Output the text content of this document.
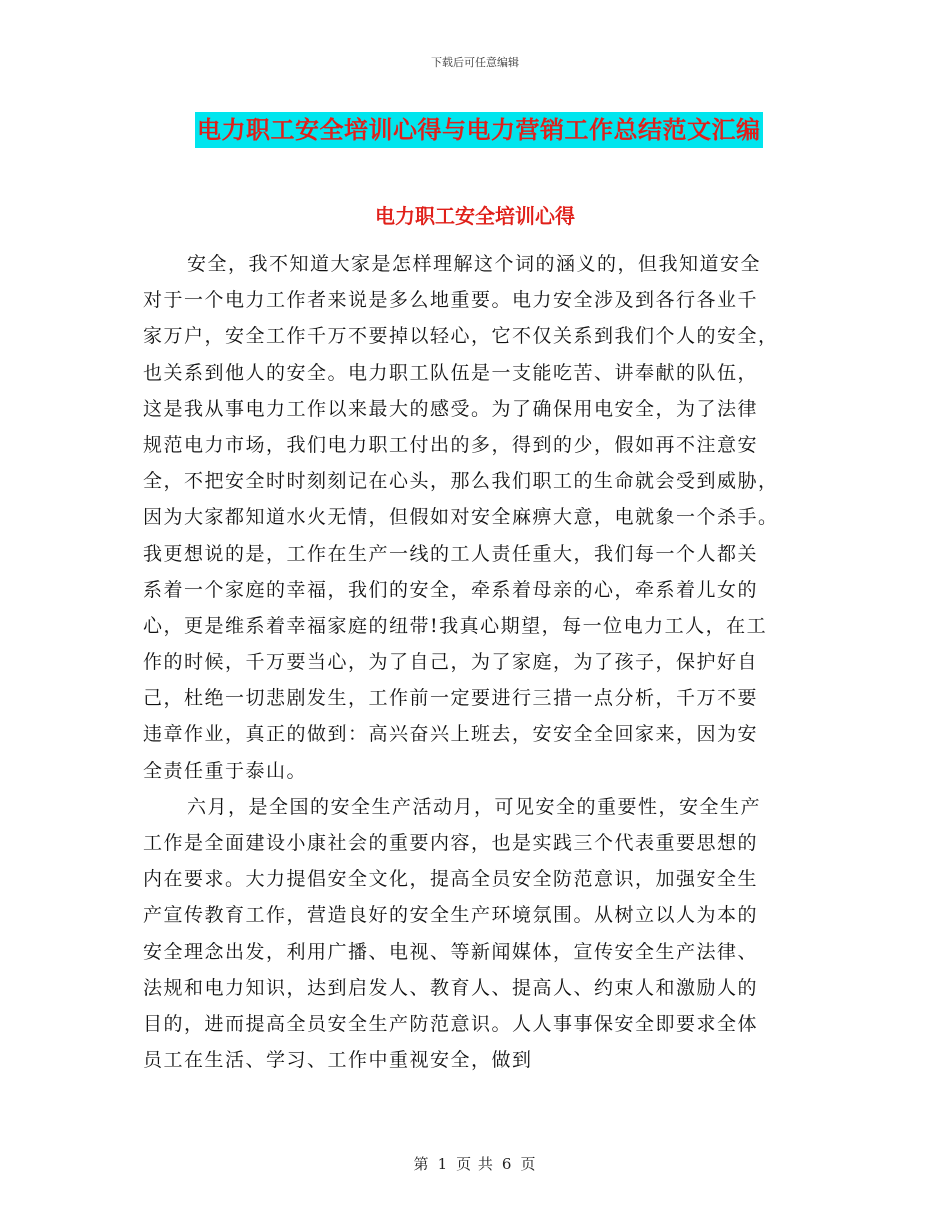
下载后可任意编辑
电力职工安全培训心得与电力营销工作总结范文汇编
电力职工安全培训心得
安全，我不知道大家是怎样理解这个词的涵义的，但我知道安全
对于一个电力工作者来说是多么地重要。电力安全涉及到各行各业千
家万户，安全工作千万不要掉以轻心，它不仅关系到我们个人的安全，
也关系到他人的安全。电力职工队伍是一支能吃苦、讲奉献的队伍，
这是我从事电力工作以来最大的感受。为了确保用电安全，为了法律
规范电力市场，我们电力职工付出的多，得到的少，假如再不注意安
全，不把安全时时刻刻记在心头，那么我们职工的生命就会受到威胁，
因为大家都知道水火无情，但假如对安全麻痹大意，电就象一个杀手。
我更想说的是，工作在生产一线的工人责任重大，我们每一个人都关
系着一个家庭的幸福，我们的安全，牵系着母亲的心，牵系着儿女的
心，更是维系着幸福家庭的纽带!我真心期望，每一位电力工人，在工
作的时候，千万要当心，为了自己，为了家庭，为了孩子，保护好自
己，杜绝一切悲剧发生，工作前一定要进行三措一点分析，千万不要
违章作业，真正的做到：高兴奋兴上班去，安安全全回家来，因为安
全责任重于泰山。
六月，是全国的安全生产活动月，可见安全的重要性，安全生产
工作是全面建设小康社会的重要内容，也是实践三个代表重要思想的
内在要求。大力提倡安全文化，提高全员安全防范意识，加强安全生
产宣传教育工作，营造良好的安全生产环境氛围。从树立以人为本的
安全理念出发，利用广播、电视、等新闻媒体，宣传安全生产法律、
法规和电力知识，达到启发人、教育人、提高人、约束人和激励人的
目的，进而提高全员安全生产防范意识。人人事事保安全即要求全体
员工在生活、学习、工作中重视安全，做到
第 1 页 共 6 页
